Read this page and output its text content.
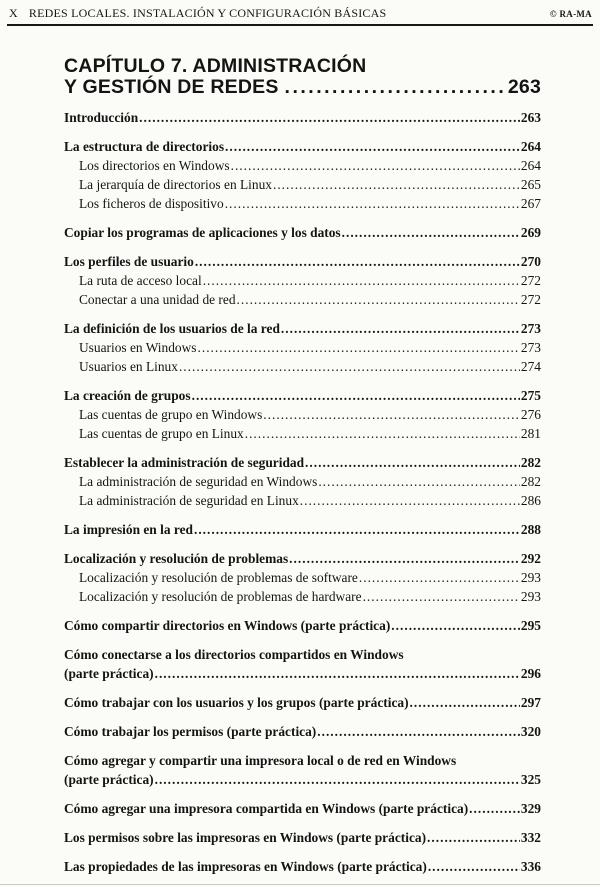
X REDES LOCALES. INSTALACIÓN Y CONFIGURACIÓN BÁSICAS	© RA-MA
CAPÍTULO 7. ADMINISTRACIÓN
Y GESTIÓN DE REDES .....	263
Introducción .....	263
La estructura de directorios .....	264
Los directorios en Windows .....	264
La jerarquía de directorios en Linux .....	265
Los ficheros de dispositivo .....	267
Copiar los programas de aplicaciones y los datos .....	269
Los perfiles de usuario .....	270
La ruta de acceso local .....	272
Conectar a una unidad de red .....	272
La definición de los usuarios de la red .....	273
Usuarios en Windows .....	273
Usuarios en Linux .....	274
La creación de grupos .....	275
Las cuentas de grupo en Windows .....	276
Las cuentas de grupo en Linux .....	281
Establecer la administración de seguridad .....	282
La administración de seguridad en Windows .....	282
La administración de seguridad en Linux .....	286
La impresión en la red .....	288
Localización y resolución de problemas .....	292
Localización y resolución de problemas de software .....	293
Localización y resolución de problemas de hardware .....	293
Cómo compartir directorios en Windows (parte práctica) .....	295
Cómo conectarse a los directorios compartidos en Windows
(parte práctica) .....	296
Cómo trabajar con los usuarios y los grupos (parte práctica) .....	297
Cómo trabajar los permisos (parte práctica) .....	320
Cómo agregar y compartir una impresora local o de red en Windows
(parte práctica) .....	325
Cómo agregar una impresora compartida en Windows (parte práctica) .....	329
Los permisos sobre las impresoras en Windows (parte práctica) .....	332
Las propiedades de las impresoras en Windows (parte práctica) .....	336
